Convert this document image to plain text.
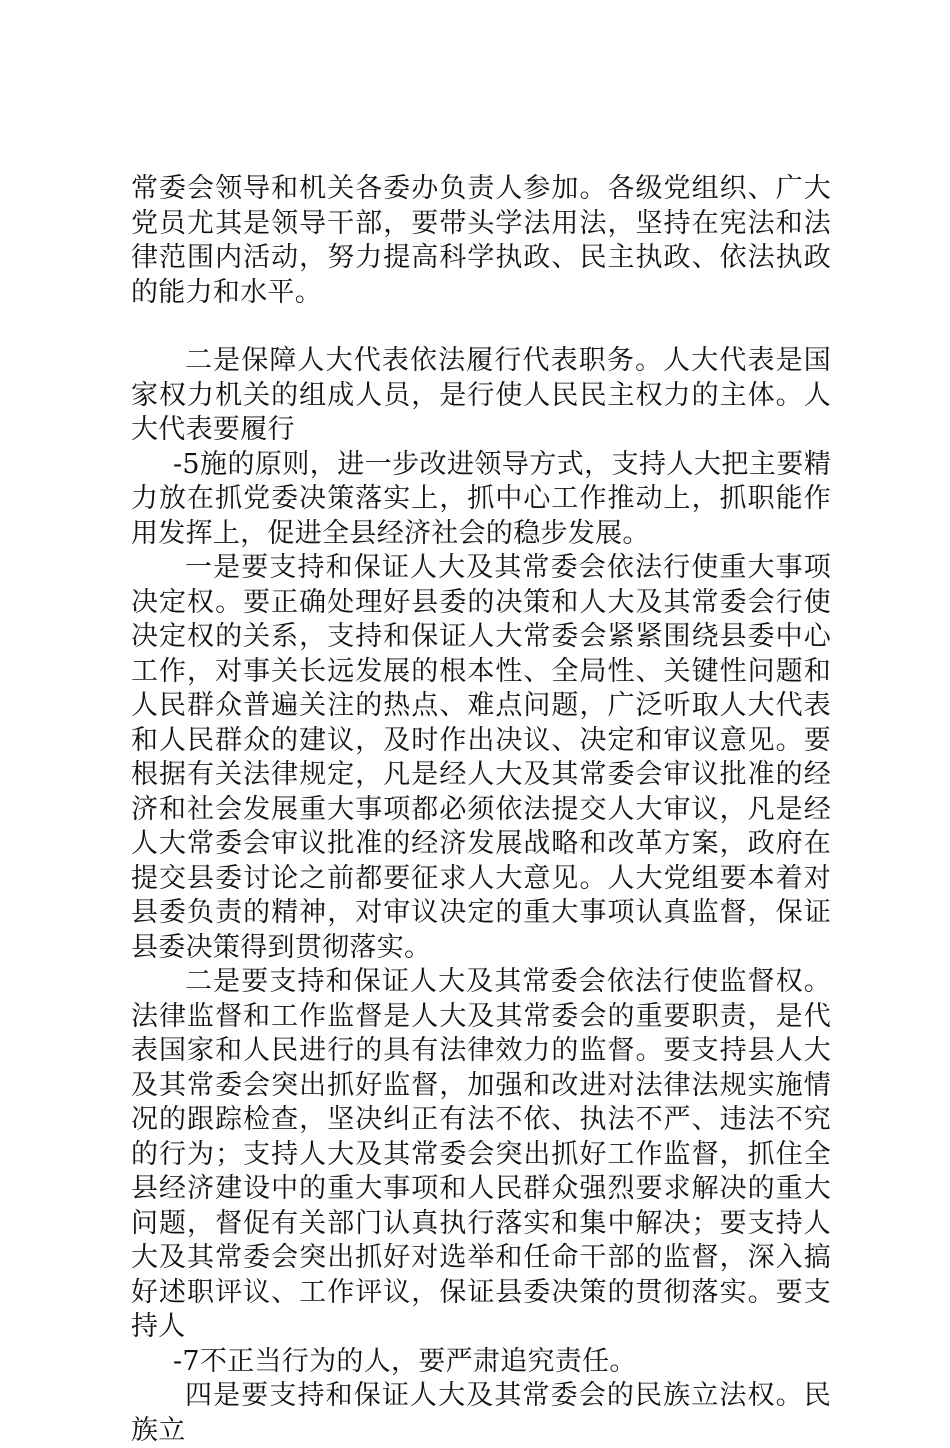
常委会领导和机关各委办负责人参加。各级党组织、广大党员尤其是领导干部，要带头学法用法，坚持在宪法和法律范围内活动，努力提高科学执政、民主执政、依法执政的能力和水平。

二是保障人大代表依法履行代表职务。人大代表是国家权力机关的组成人员，是行使人民民主权力的主体。人大代表要履行

-5施的原则，进一步改进领导方式，支持人大把主要精力放在抓党委决策落实上，抓中心工作推动上，抓职能作用发挥上，促进全县经济社会的稳步发展。

一是要支持和保证人大及其常委会依法行使重大事项决定权。要正确处理好县委的决策和人大及其常委会行使决定权的关系，支持和保证人大常委会紧紧围绕县委中心工作，对事关长远发展的根本性、全局性、关键性问题和人民群众普遍关注的热点、难点问题，广泛听取人大代表和人民群众的建议，及时作出决议、决定和审议意见。要根据有关法律规定，凡是经人大及其常委会审议批准的经济和社会发展重大事项都必须依法提交人大审议，凡是经人大常委会审议批准的经济发展战略和改革方案，政府在提交县委讨论之前都要征求人大意见。人大党组要本着对县委负责的精神，对审议决定的重大事项认真监督，保证县委决策得到贯彻落实。

二是要支持和保证人大及其常委会依法行使监督权。法律监督和工作监督是人大及其常委会的重要职责，是代表国家和人民进行的具有法律效力的监督。要支持县人大及其常委会突出抓好监督，加强和改进对法律法规实施情况的跟踪检查，坚决纠正有法不依、执法不严、违法不究的行为；支持人大及其常委会突出抓好工作监督，抓住全县经济建设中的重大事项和人民群众强烈要求解决的重大问题，督促有关部门认真执行落实和集中解决；要支持人大及其常委会突出抓好对选举和任命干部的监督，深入搞好述职评议、工作评议，保证县委决策的贯彻落实。要支持人

-7不正当行为的人，要严肃追究责任。

四是要支持和保证人大及其常委会的民族立法权。民族立
